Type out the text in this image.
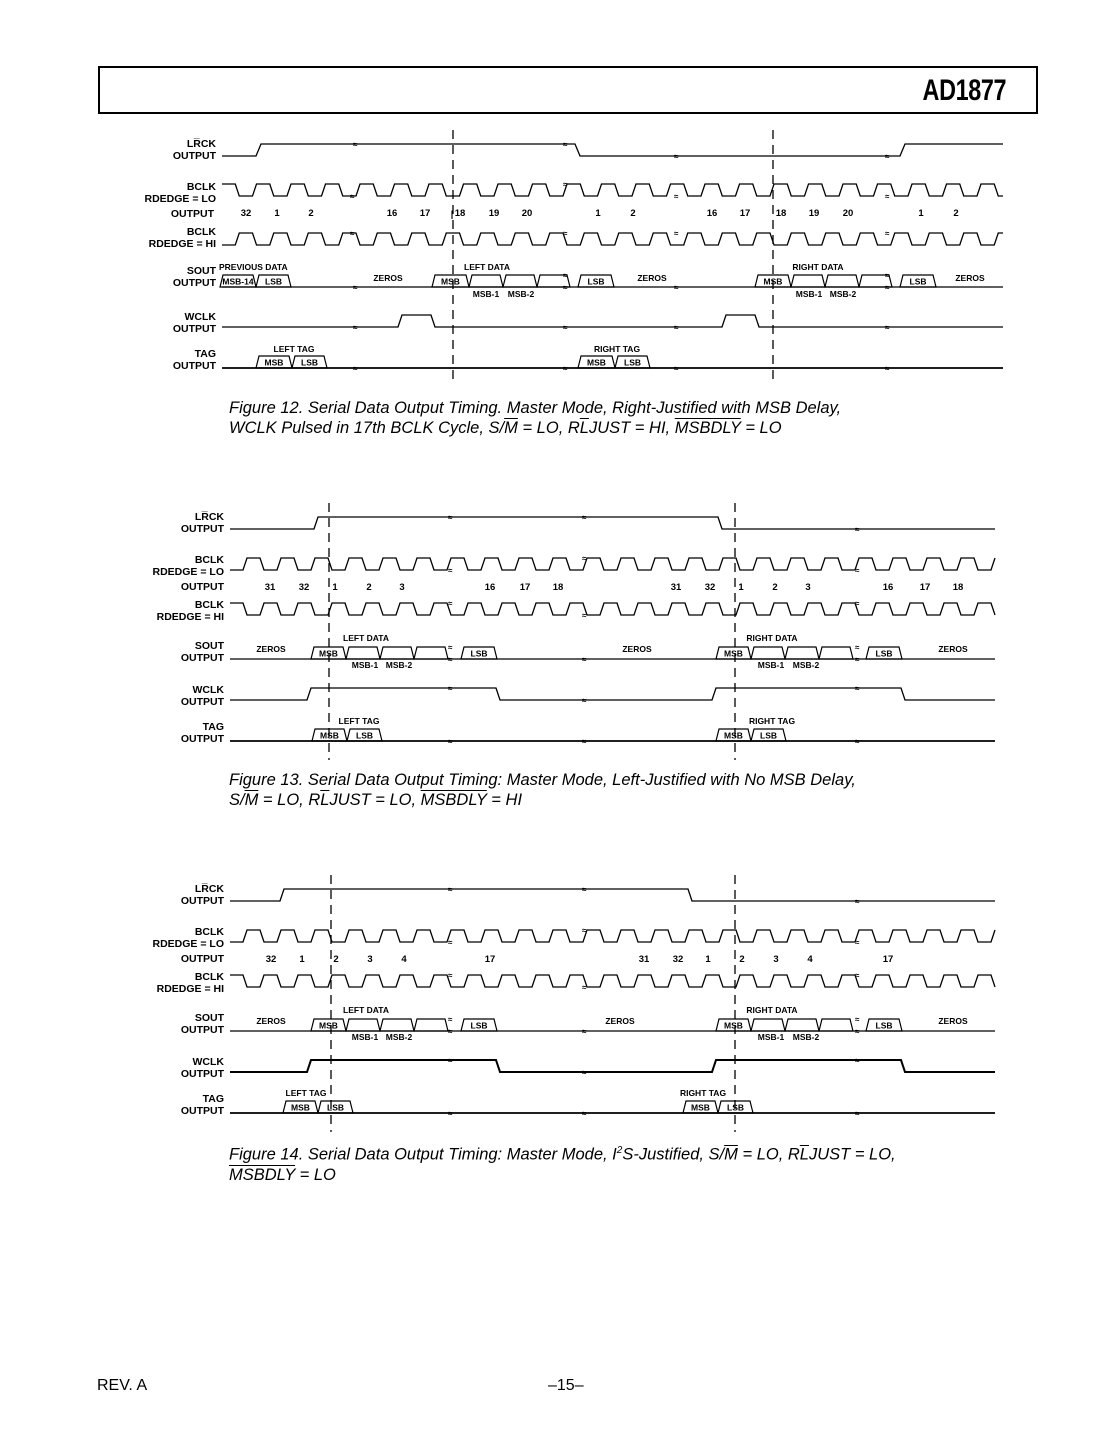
AD1877
LR̅CK
OUTPUT
BCLK
RDEDGE = LO
OUTPUT
BCLK
RDEDGE = HI
SOUT
OUTPUT
WCLK
OUTPUT
TAG
OUTPUT
≈	≈
≈	≈
≈
≈
≈	≈
≈	≈	≈	≈
32 1	2	16 17	18 19 20	1	2	16 17	18 19 20	1	2
|
PREVIOUS DATA
MSB-14 LSB	ZEROS
≈
LEFT DATA
MSB	LSB
≈
≈
MSB-1 MSB-2
ZEROS
≈
RIGHT DATA
MSB	LSB
≈
≈
MSB-1 MSB-2
ZEROS
≈	≈	≈	≈
LEFT TAG
MSB LSB
RIGHT TAG
MSB LSB
≈	≈	≈	≈
Figure 12. Serial Data Output Timing. Master Mode, Right-Justified with MSB Delay,
WCLK Pulsed in 17th BCLK Cycle, $S/\overline{M}$ = LO, $R\overline{L}JUST$ = HI, MSBDLY = LO
LR̅CK
OUTPUT
BCLK
RDEDGE = LO
OUTPUT
BCLK
RDEDGE = HI
SOUT
OUTPUT
WCLK
OUTPUT
TAG
OUTPUT
≈	≈
≈
≈
≈
≈
≈
≈
≈
31 32 1	2	3	16	17 18	31 32 1	2	3	16	17 18
ZEROS
LEFT DATA
MSB	LSB
≈
≈
MSB-1 MSB-2
ZEROS
≈
RIGHT DATA
MSB	LSB
≈
≈
MSB-1 MSB-2
ZEROS
≈
≈
≈
LEFT TAG
MSB LSB
RIGHT TAG
MSB LSB
≈	≈	≈
Figure 13. Serial Data Output Timing: Master Mode, Left-Justified with No MSB Delay,
$S/\overline{M}$ = LO, $R\overline{L}JUST$ = LO, MSBDLY = HI
LR̅CK
OUTPUT
BCLK
RDEDGE = LO
OUTPUT
BCLK
RDEDGE = HI
SOUT
OUTPUT
WCLK
OUTPUT
TAG
OUTPUT
≈	≈
≈
≈
≈
≈
≈
≈
≈
32 1	2	3	4	17	31 32 1	2	3	4	17
ZEROS
LEFT DATA
MSB	LSB
≈
≈
MSB-1 MSB-2
ZEROS
≈
RIGHT DATA
MSB	LSB
≈
≈
MSB-1 MSB-2
ZEROS
≈
≈
≈
LEFT TAG
MSB LSB
RIGHT TAG
MSB LSB
≈	≈	≈
Figure 14. Serial Data Output Timing: Master Mode, $I^2S$-Justified, $S/\overline{M}$ = LO, $R\overline{L}JUST$ = LO,
MSBDLY = LO
REV. A	–15–
